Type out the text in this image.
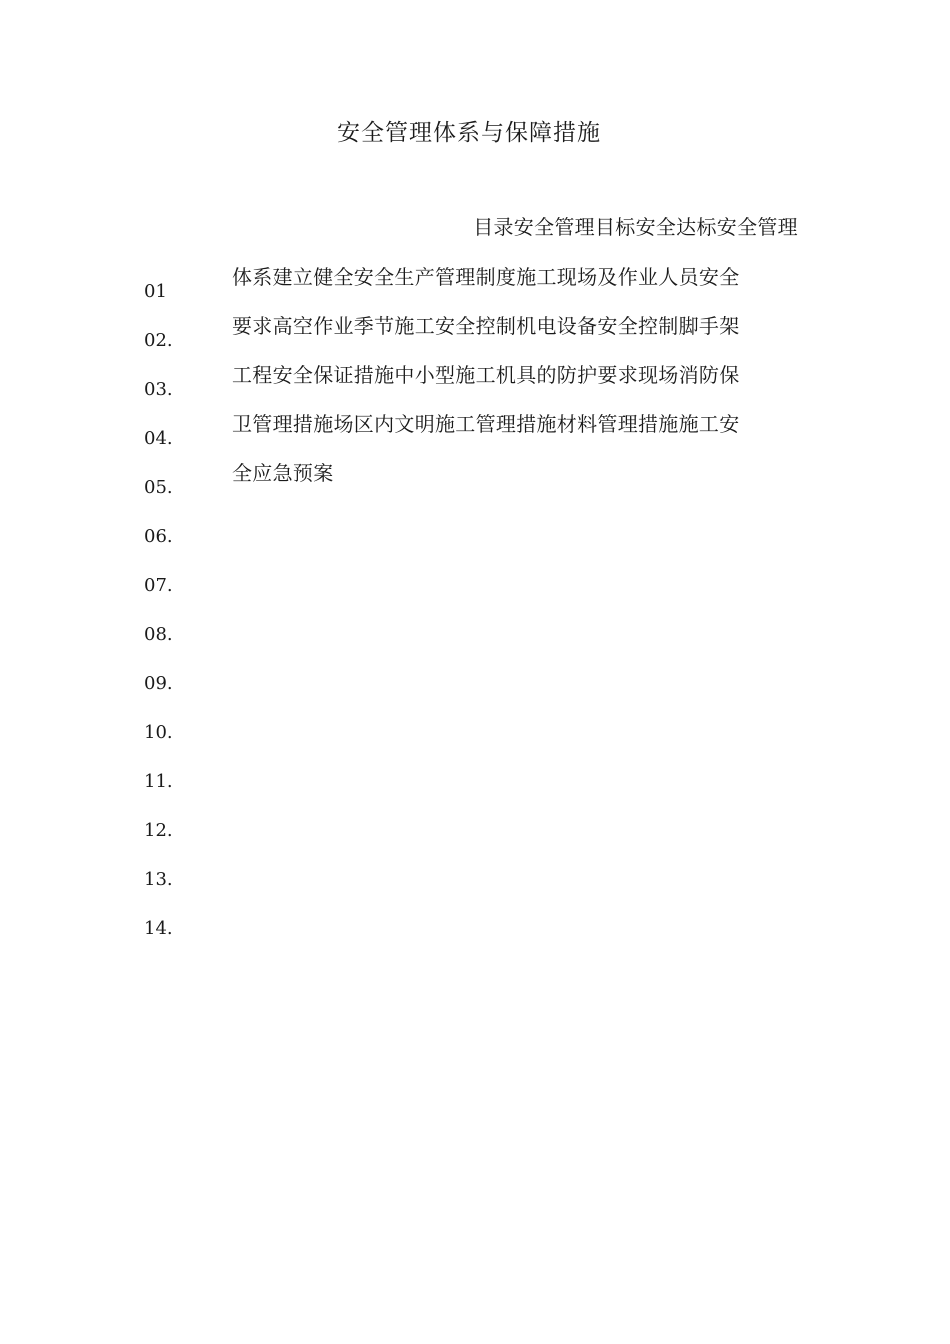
安全管理体系与保障措施
目录安全管理目标安全达标安全管理
体系建立健全安全生产管理制度施工现场及作业人员安全
要求高空作业季节施工安全控制机电设备安全控制脚手架
工程安全保证措施中小型施工机具的防护要求现场消防保
卫管理措施场区内文明施工管理措施材料管理措施施工安
全应急预案
01
02.
03.
04.
05.
06.
07.
08.
09.
10.
11.
12.
13.
14.
